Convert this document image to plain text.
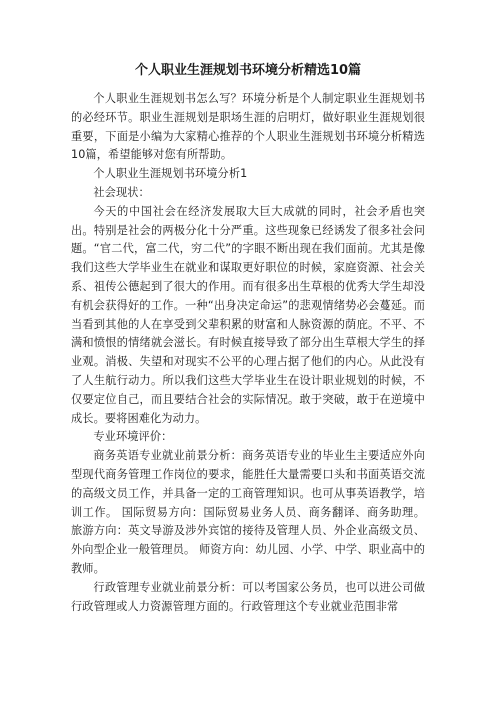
个人职业生涯规划书环境分析精选10篇

个人职业生涯规划书怎么写？环境分析是个人制定职业生涯规划书的必经环节。职业生涯规划是职场生涯的启明灯，做好职业生涯规划很重要，下面是小编为大家精心推荐的个人职业生涯规划书环境分析精选10篇，希望能够对您有所帮助。

个人职业生涯规划书环境分析1

社会现状：

今天的中国社会在经济发展取大巨大成就的同时，社会矛盾也突出。特别是社会的两极分化十分严重。这些现象已经诱发了很多社会问题。“官二代，富二代，穷二代”的字眼不断出现在我们面前。尤其是像我们这些大学毕业生在就业和谋取更好职位的时候，家庭资源、社会关系、祖传公德起到了很大的作用。而有很多出生草根的优秀大学生却没有机会获得好的工作。一种“出身决定命运”的悲观情绪势必会蔓延。而当看到其他的人在享受到父辈积累的财富和人脉资源的荫庇。不平、不满和愤恨的情绪就会滋长。有时候直接导致了部分出生草根大学生的择业观。消极、失望和对现实不公平的心理占据了他们的内心。从此没有了人生航行动力。所以我们这些大学毕业生在设计职业规划的时候，不仅要定位自己，而且要结合社会的实际情况。敢于突破，敢于在逆境中成长。要将困难化为动力。

专业环境评价：

商务英语专业就业前景分析：商务英语专业的毕业生主要适应外向型现代商务管理工作岗位的要求，能胜任大量需要口头和书面英语交流的高级文员工作，并具备一定的工商管理知识。也可从事英语教学，培训工作。 国际贸易方向：国际贸易业务人员、商务翻译、商务助理。 旅游方向：英文导游及涉外宾馆的接待及管理人员、外企业高级文员、外向型企业一般管理员。 师资方向：幼儿园、小学、中学、职业高中的教师。

行政管理专业就业前景分析：可以考国家公务员，也可以进公司做行政管理或人力资源管理方面的。行政管理这个专业就业范围非常
